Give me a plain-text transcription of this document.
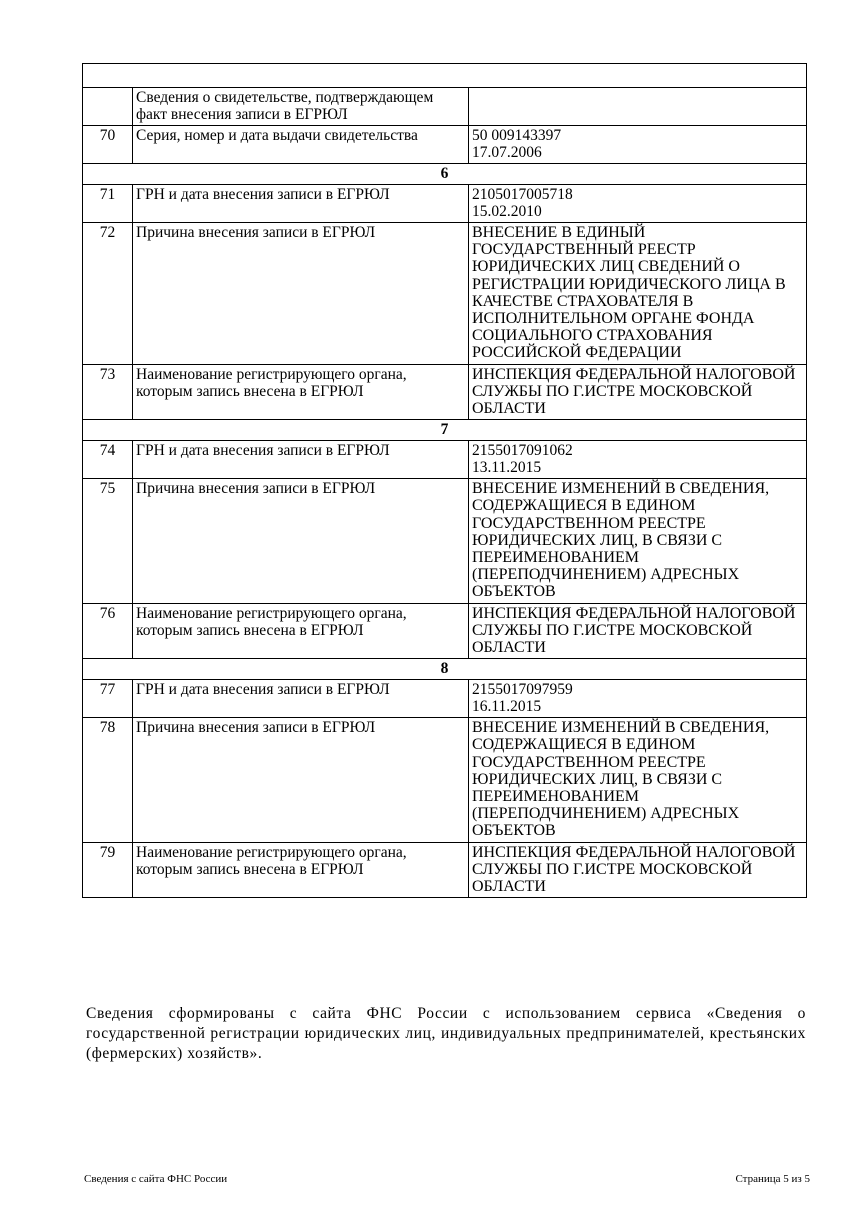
	Сведения о свидетельстве, подтверждающем факт внесения записи в ЕГРЮЛ	
70	Серия, номер и дата выдачи свидетельства	50 009143397
17.07.2006
6		
71	ГРН и дата внесения записи в ЕГРЮЛ	2105017005718
15.02.2010
72	Причина внесения записи в ЕГРЮЛ	ВНЕСЕНИЕ В ЕДИНЫЙ ГОСУДАРСТВЕННЫЙ РЕЕСТР ЮРИДИЧЕСКИХ ЛИЦ СВЕДЕНИЙ О РЕГИСТРАЦИИ ЮРИДИЧЕСКОГО ЛИЦА В КАЧЕСТВЕ СТРАХОВАТЕЛЯ В ИСПОЛНИТЕЛЬНОМ ОРГАНЕ ФОНДА СОЦИАЛЬНОГО СТРАХОВАНИЯ РОССИЙСКОЙ ФЕДЕРАЦИИ
73	Наименование регистрирующего органа, которым запись внесена в ЕГРЮЛ	ИНСПЕКЦИЯ ФЕДЕРАЛЬНОЙ НАЛОГОВОЙ СЛУЖБЫ ПО Г.ИСТРЕ МОСКОВСКОЙ ОБЛАСТИ
7		
74	ГРН и дата внесения записи в ЕГРЮЛ	2155017091062
13.11.2015
75	Причина внесения записи в ЕГРЮЛ	ВНЕСЕНИЕ ИЗМЕНЕНИЙ В СВЕДЕНИЯ, СОДЕРЖАЩИЕСЯ В ЕДИНОМ ГОСУДАРСТВЕННОМ РЕЕСТРЕ ЮРИДИЧЕСКИХ ЛИЦ, В СВЯЗИ С ПЕРЕИМЕНОВАНИЕМ (ПЕРЕПОДЧИНЕНИЕМ) АДРЕСНЫХ ОБЪЕКТОВ
76	Наименование регистрирующего органа, которым запись внесена в ЕГРЮЛ	ИНСПЕКЦИЯ ФЕДЕРАЛЬНОЙ НАЛОГОВОЙ СЛУЖБЫ ПО Г.ИСТРЕ МОСКОВСКОЙ ОБЛАСТИ
8		
77	ГРН и дата внесения записи в ЕГРЮЛ	2155017097959
16.11.2015
78	Причина внесения записи в ЕГРЮЛ	ВНЕСЕНИЕ ИЗМЕНЕНИЙ В СВЕДЕНИЯ, СОДЕРЖАЩИЕСЯ В ЕДИНОМ ГОСУДАРСТВЕННОМ РЕЕСТРЕ ЮРИДИЧЕСКИХ ЛИЦ, В СВЯЗИ С ПЕРЕИМЕНОВАНИЕМ (ПЕРЕПОДЧИНЕНИЕМ) АДРЕСНЫХ ОБЪЕКТОВ
79	Наименование регистрирующего органа, которым запись внесена в ЕГРЮЛ	ИНСПЕКЦИЯ ФЕДЕРАЛЬНОЙ НАЛОГОВОЙ СЛУЖБЫ ПО Г.ИСТРЕ МОСКОВСКОЙ ОБЛАСТИ
Сведения сформированы с сайта ФНС России с использованием сервиса «Сведения о государственной регистрации юридических лиц, индивидуальных предпринимателей, крестьянских (фермерских) хозяйств».
Сведения с сайта ФНС России	Страница 5 из 5
